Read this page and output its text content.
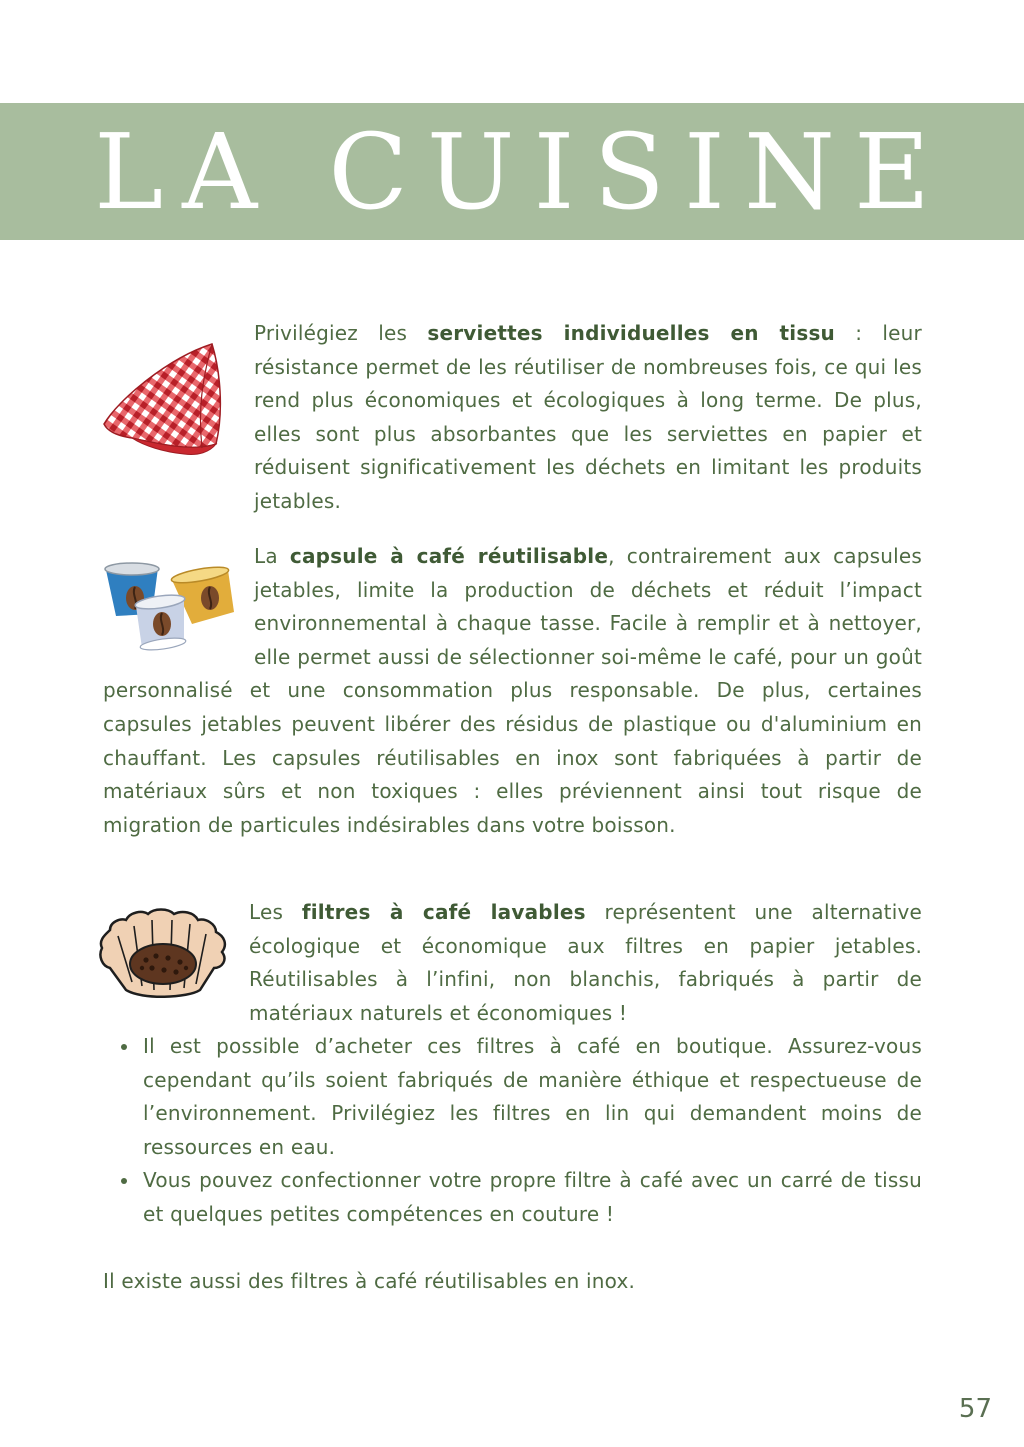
LA CUISINE

Privilégiez les serviettes individuelles en tissu : leur résistance permet de les réutiliser de nombreuses fois, ce qui les rend plus économiques et écologiques à long terme. De plus, elles sont plus absorbantes que les serviettes en papier et réduisent significativement les déchets en limitant les produits jetables.

La capsule à café réutilisable, contrairement aux capsules jetables, limite la production de déchets et réduit l’impact environnemental à chaque tasse. Facile à remplir et à nettoyer, elle permet aussi de sélectionner soi-même le café, pour un goût personnalisé et une consommation plus responsable. De plus, certaines capsules jetables peuvent libérer des résidus de plastique ou d'aluminium en chauffant. Les capsules réutilisables en inox sont fabriquées à partir de matériaux sûrs et non toxiques : elles préviennent ainsi tout risque de migration de particules indésirables dans votre boisson.

Les filtres à café lavables représentent une alternative écologique et économique aux filtres en papier jetables. Réutilisables à l’infini, non blanchis, fabriqués à partir de matériaux naturels et économiques !

Il est possible d’acheter ces filtres à café en boutique. Assurez-vous cependant qu’ils soient fabriqués de manière éthique et respectueuse de l’environnement. Privilégiez les filtres en lin qui demandent moins de ressources en eau.
Vous pouvez confectionner votre propre filtre à café avec un carré de tissu et quelques petites compétences en couture !

Il existe aussi des filtres à café réutilisables en inox.

57
